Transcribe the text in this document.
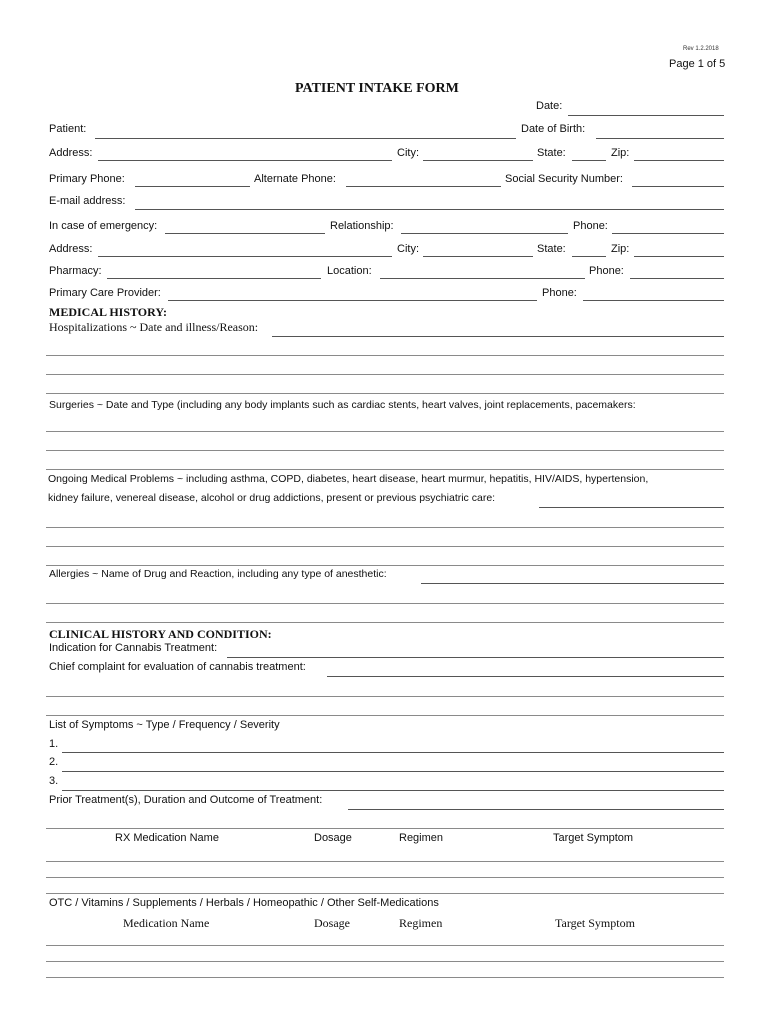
Rev 1.2.2018
Page 1 of 5
PATIENT INTAKE FORM
Date:
Patient:	Date of Birth:
Address:	City:	State:	Zip:
Primary Phone:	Alternate Phone:	Social Security Number:
E-mail address:
In case of emergency:	Relationship:	Phone:
Address:	City:	State:	Zip:
Pharmacy:	Location:	Phone:
Primary Care Provider:	Phone:
MEDICAL HISTORY:
Hospitalizations ~ Date and illness/Reason:
Surgeries ~ Date and Type (including any body implants such as cardiac stents, heart valves, joint replacements, pacemakers:
Ongoing Medical Problems ~ including asthma, COPD, diabetes, heart disease, heart murmur, hepatitis, HIV/AIDS, hypertension,
kidney failure, venereal disease, alcohol or drug addictions, present or previous psychiatric care:
Allergies ~ Name of Drug and Reaction, including any type of anesthetic:
CLINICAL HISTORY AND CONDITION:
Indication for Cannabis Treatment:
Chief complaint for evaluation of cannabis treatment:
List of Symptoms ~ Type / Frequency / Severity
1.
2.
3.
Prior Treatment(s), Duration and Outcome of Treatment:
RX Medication Name	Dosage	Regimen	Target Symptom
OTC / Vitamins / Supplements / Herbals / Homeopathic / Other Self-Medications
Medication Name	Dosage	Regimen	Target Symptom
